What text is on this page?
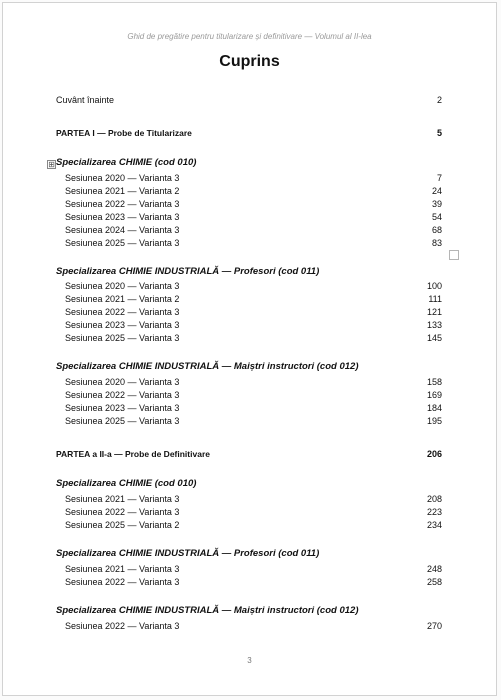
Ghid de pregătire pentru titularizare și definitivare — Volumul al II-lea
Cuprins
⊞
Cuvânt înainte	2
PARTEA I — Probe de Titularizare	5
Specializarea CHIMIE (cod 010)
Sesiunea 2020 — Varianta 3	7
Sesiunea 2021 — Varianta 2	24
Sesiunea 2022 — Varianta 3	39
Sesiunea 2023 — Varianta 3	54
Sesiunea 2024 — Varianta 3	68
Sesiunea 2025 — Varianta 3	83
Specializarea CHIMIE INDUSTRIALĂ — Profesori (cod 011)
Sesiunea 2020 — Varianta 3	100
Sesiunea 2021 — Varianta 2	111
Sesiunea 2022 — Varianta 3	121
Sesiunea 2023 — Varianta 3	133
Sesiunea 2025 — Varianta 3	145
Specializarea CHIMIE INDUSTRIALĂ — Maiștri instructori (cod 012)
Sesiunea 2020 — Varianta 3	158
Sesiunea 2022 — Varianta 3	169
Sesiunea 2023 — Varianta 3	184
Sesiunea 2025 — Varianta 3	195
PARTEA a II-a — Probe de Definitivare	206
Specializarea CHIMIE (cod 010)
Sesiunea 2021 — Varianta 3	208
Sesiunea 2022 — Varianta 3	223
Sesiunea 2025 — Varianta 2	234
Specializarea CHIMIE INDUSTRIALĂ — Profesori (cod 011)
Sesiunea 2021 — Varianta 3	248
Sesiunea 2022 — Varianta 3	258
Specializarea CHIMIE INDUSTRIALĂ — Maiștri instructori (cod 012)
Sesiunea 2022 — Varianta 3	270
3
